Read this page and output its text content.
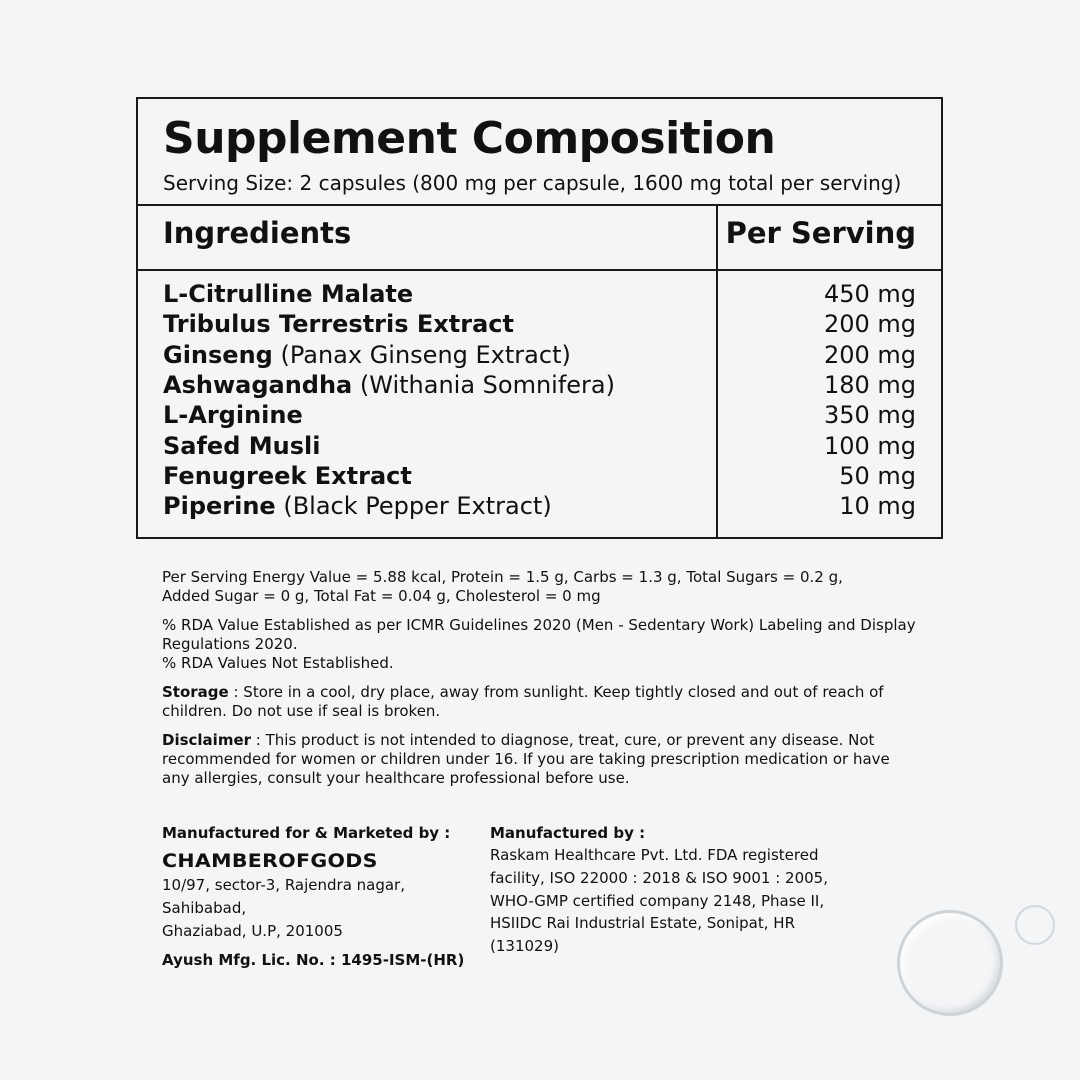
Supplement Composition
Serving Size: 2 capsules (800 mg per capsule, 1600 mg total per serving)
Ingredients	Per Serving
L-Citrulline Malate	450 mg
Tribulus Terrestris Extract	200 mg
Ginseng (Panax Ginseng Extract)	200 mg
Ashwagandha (Withania Somnifera)	180 mg
L-Arginine	350 mg
Safed Musli	100 mg
Fenugreek Extract	50 mg
Piperine (Black Pepper Extract)	10 mg

Per Serving Energy Value = 5.88 kcal, Protein = 1.5 g, Carbs = 1.3 g, Total Sugars = 0.2 g,
Added Sugar = 0 g, Total Fat = 0.04 g, Cholesterol = 0 mg

% RDA Value Established as per ICMR Guidelines 2020 (Men - Sedentary Work) Labeling and Display
Regulations 2020.
% RDA Values Not Established.

Storage : Store in a cool, dry place, away from sunlight. Keep tightly closed and out of reach of
children. Do not use if seal is broken.

Disclaimer : This product is not intended to diagnose, treat, cure, or prevent any disease. Not
recommended for women or children under 16. If you are taking prescription medication or have
any allergies, consult your healthcare professional before use.

Manufactured for & Marketed by :
CHAMBEROFGODS
10/97, sector-3, Rajendra nagar,
Sahibabad,
Ghaziabad, U.P, 201005
Ayush Mfg. Lic. No. : 1495-ISM-(HR)
Manufactured by :
Raskam Healthcare Pvt. Ltd. FDA registered
facility, ISO 22000 : 2018 & ISO 9001 : 2005,
WHO-GMP certified company 2148, Phase II,
HSIIDC Rai Industrial Estate, Sonipat, HR
(131029)
